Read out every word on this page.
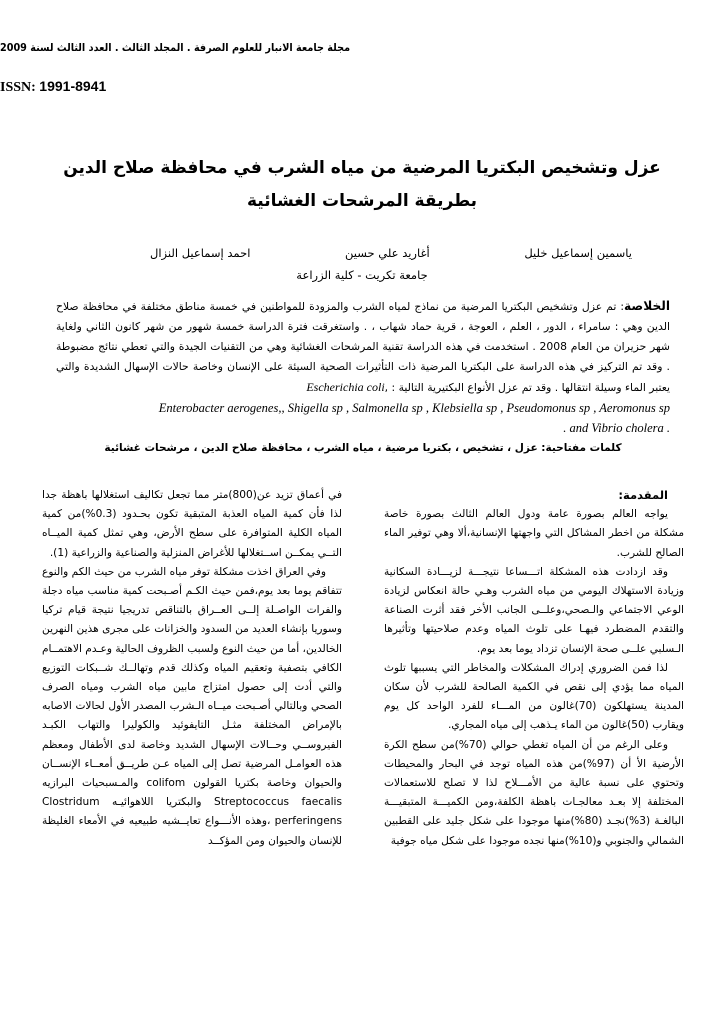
مجلة جامعة الانبار للعلوم الصرفة . المجلد الثالث . العدد الثالث لسنة 2009
ISSN: 1991-8941
عزل وتشخيص البكتريا المرضية من مياه الشرب في محافظة صلاح الدين
بطريقة المرشحات الغشائية
احمد إسماعيل النزال	أغاريد علي حسين	ياسمين إسماعيل خليل
جامعة تكريت - كلية الزراعة
الخلاصة: تم عزل وتشخيص البكتريا المرضية من نماذج لمياه الشرب والمزودة للمواطنين في خمسة مناطق مختلفة في محافظة صلاح الدين وهي : سامراء ، الدور ، العلم ، العوجة ، قرية حماد شهاب ، . واستغرقت فترة الدراسة خمسة شهور من شهر كانون الثاني ولغاية شهر حزيران من العام 2008 . استخدمت في هذه الدراسة تقنية المرشحات الغشائية وهي من التقنيات الجيدة والتي تعطي نتائج مضبوطة . وقد تم التركيز في هذه الدراسة على البكتريا المرضية ذات التأثيرات الصحية السيئة على الإنسان وخاصة حالات الإسهال الشديدة والتي يعتبر الماء وسيلة انتقالها . وقد تم عزل الأنواع البكتيرية التالية : ,Escherichia coli
Enterobacter aerogenes,, Shigella sp , Salmonella sp , Klebsiella sp , Pseudomonus sp , Aeromonus sp
. and Vibrio cholera .
كلمات مفتاحية: عزل ، تشخيص ، بكتريا مرضية ، مياه الشرب ، محافظة صلاح الدين ، مرشحات غشائية

المقدمة:

يواجه العالم بصورة عامة ودول العالم الثالث بصورة خاصة مشكلة من اخطر المشاكل التي واجهتها الإنسانية،ألا وهي توفير الماء الصالح للشرب.

وقد ازدادت هذه المشكلة اتـــساعا نتيجـــة لزيـــادة السكانية وزيادة الاستهلاك اليومي من مياه الشرب وهـي حالة انعكاس لزيادة الوعي الاجتماعي والـصحي،وعلــى الجانب الأخر فقد أثرت الصناعة والتقدم المضطرد فيهـا على تلوث المياه وعدم صلاحيتها وتأثيرها الـسلبي علــى صحة الإنسان تزداد يوما بعد يوم.

لذا فمن الضروري إدراك المشكلات والمخاطر التي يسببها تلوث المياه مما يؤدي إلى نقص في الكمية الصالحة للشرب لأن سكان المدينة يستهلكون (70)غالون من المـــاء للفرد الواحد كل يوم ويقارب (50)غالون من الماء يـذهب إلى مياه المجاري.

وعلى الرغم من أن المياه تغطي حوالي (70%)من سطح الكرة الأرضية الأ أن (97%)من هذه المياه توجد في البحار والمحيطات وتحتوي على نسبة عالية من الأمـــلاح لذا لا تصلح للاستعمالات المختلفة إلا بعـد معالجـات باهظة الكلفة،ومن الكميـــة المتبقيـــة البالغـة (3%)نجـد (80%)منها موجودا على شكل جليد على القطبين الشمالي والجنوبي و(10%)منها نجده موجودا على شكل مياه جوفية

في أعماق تزيد عن(800)متر مما تجعل تكاليف استغلالها باهظة جدا لذا فأن كمية المياه العذبة المتبقية تكون بحـدود (0.3%)من كمية المياه الكلية المتوافرة على سطح الأرض، وهي تمثل كمية الميــاه التــي يمكــن اســتغلالها للأغراض المنزلية والصناعية والزراعية (1).

وفي العراق اخذت مشكلة توفر مياه الشرب من حيث الكم والنوع تتفاقم يوما بعد يوم،فمن حيث الكـم أصـبحت كمية مناسب مياه دجلة والفرات الواصـلة إلــى العــراق بالتناقص تدريجيا نتيجة قيام تركيا وسوريا بإنشاء العديد من السدود والخزانات على مجرى هذين النهرين الخالدين، أما من حيث النوع ولسبب الظروف الحالية وعـدم الاهتمــام الكافي بتصفية وتعقيم المياه وكذلك قدم وتهالــك شــبكات التوزيع والتي أدت إلى حصول امتزاج مابين مياه الشرب ومياه الصرف الصحي وبالتالي أصـبحت ميــاه الـشرب المصدر الأول لحالات الاصابه بالإمراض المختلفة مثـل التايفوئيد والكوليرا والتهاب الكبـد الفيروســي وحــالات الإسهال الشديد وخاصة لدى الأطفال ومعظم هذه العوامـل المرضية تصل إلى المياه عـن طريــق أمعــاء الإنســان والحيوان وخاصة بكتريا القولون colifom والمـسبحيات البرازيه Streptococcus faecalis والبكتريا اللاهوائيـه Clostridum perferingens ،وهذه الأنـــواع تعايــشيه طبيعيه في الأمعاء الغليظة للإنسان والحيوان ومن المؤكــد
